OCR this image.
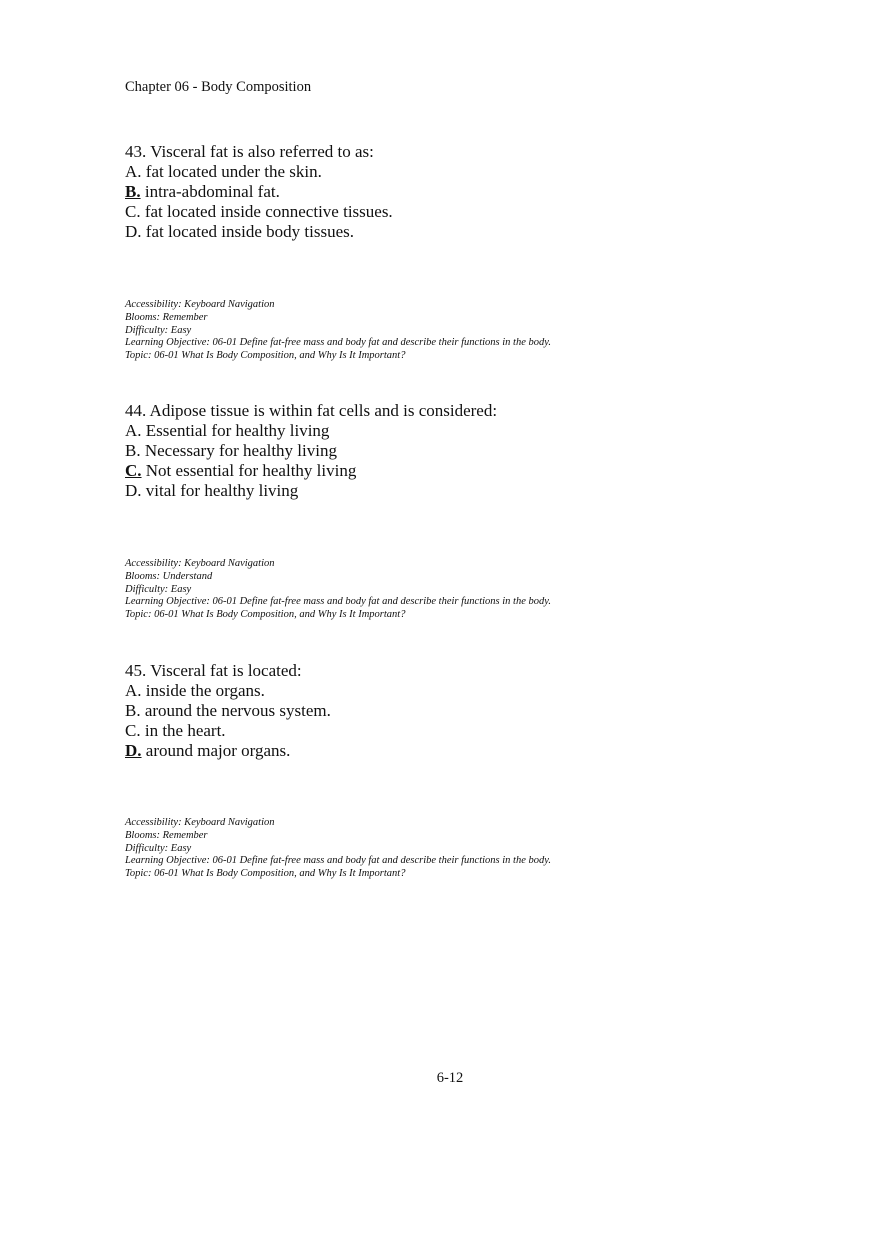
Chapter 06 - Body Composition
43. Visceral fat is also referred to as:
A. fat located under the skin.
B. intra-abdominal fat.
C. fat located inside connective tissues.
D. fat located inside body tissues.
Accessibility: Keyboard Navigation
Blooms: Remember
Difficulty: Easy
Learning Objective: 06-01 Define fat-free mass and body fat and describe their functions in the body.
Topic: 06-01 What Is Body Composition, and Why Is It Important?
44. Adipose tissue is within fat cells and is considered:
A. Essential for healthy living
B. Necessary for healthy living
C. Not essential for healthy living
D. vital for healthy living
Accessibility: Keyboard Navigation
Blooms: Understand
Difficulty: Easy
Learning Objective: 06-01 Define fat-free mass and body fat and describe their functions in the body.
Topic: 06-01 What Is Body Composition, and Why Is It Important?
45. Visceral fat is located:
A. inside the organs.
B. around the nervous system.
C. in the heart.
D. around major organs.
Accessibility: Keyboard Navigation
Blooms: Remember
Difficulty: Easy
Learning Objective: 06-01 Define fat-free mass and body fat and describe their functions in the body.
Topic: 06-01 What Is Body Composition, and Why Is It Important?
6-12
